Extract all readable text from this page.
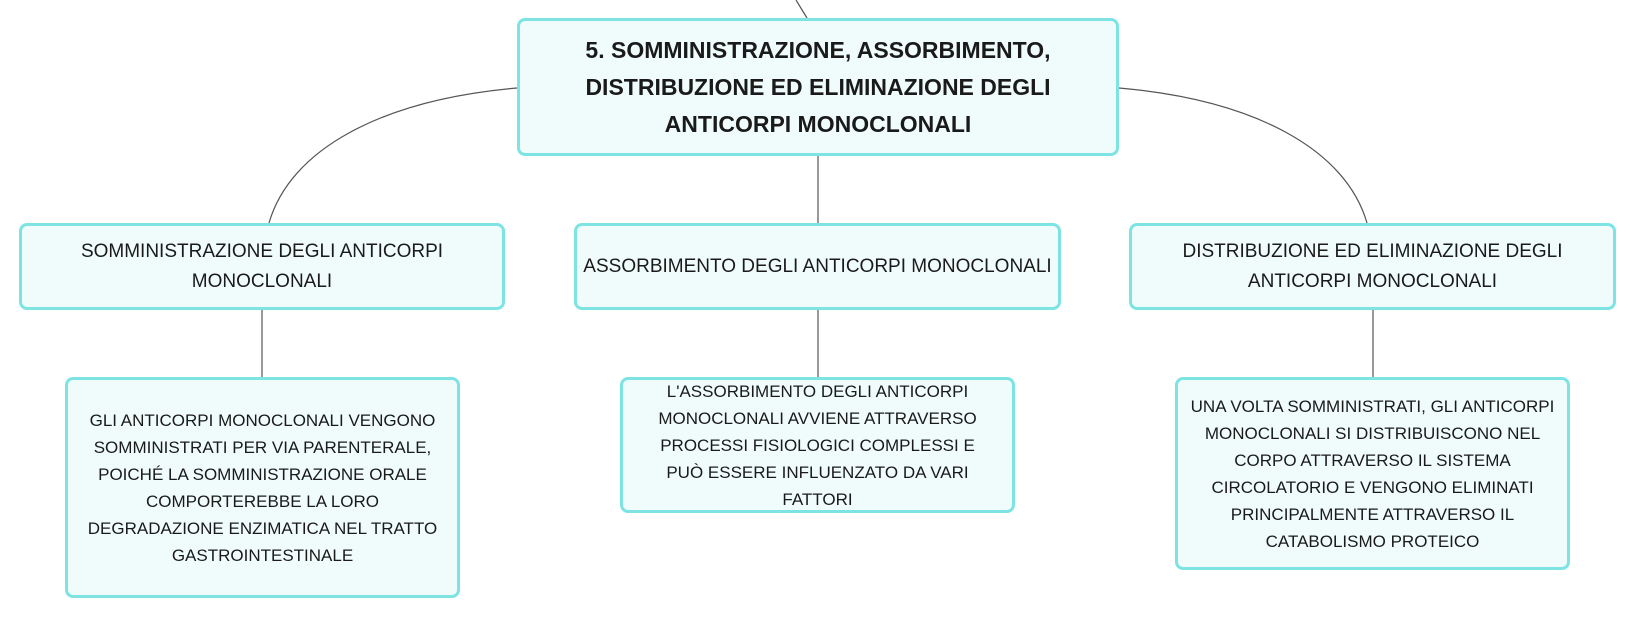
5. SOMMINISTRAZIONE, ASSORBIMENTO, DISTRIBUZIONE ED ELIMINAZIONE DEGLI ANTICORPI MONOCLONALI
SOMMINISTRAZIONE DEGLI ANTICORPI MONOCLONALI
ASSORBIMENTO DEGLI ANTICORPI MONOCLONALI
DISTRIBUZIONE ED ELIMINAZIONE DEGLI ANTICORPI MONOCLONALI
GLI ANTICORPI MONOCLONALI VENGONO SOMMINISTRATI PER VIA PARENTERALE, POICHÉ LA SOMMINISTRAZIONE ORALE COMPORTEREBBE LA LORO DEGRADAZIONE ENZIMATICA NEL TRATTO GASTROINTESTINALE
L'ASSORBIMENTO DEGLI ANTICORPI MONOCLONALI AVVIENE ATTRAVERSO PROCESSI FISIOLOGICI COMPLESSI E PUÒ ESSERE INFLUENZATO DA VARI FATTORI
UNA VOLTA SOMMINISTRATI, GLI ANTICORPI MONOCLONALI SI DISTRIBUISCONO NEL CORPO ATTRAVERSO IL SISTEMA CIRCOLATORIO E VENGONO ELIMINATI PRINCIPALMENTE ATTRAVERSO IL CATABOLISMO PROTEICO
